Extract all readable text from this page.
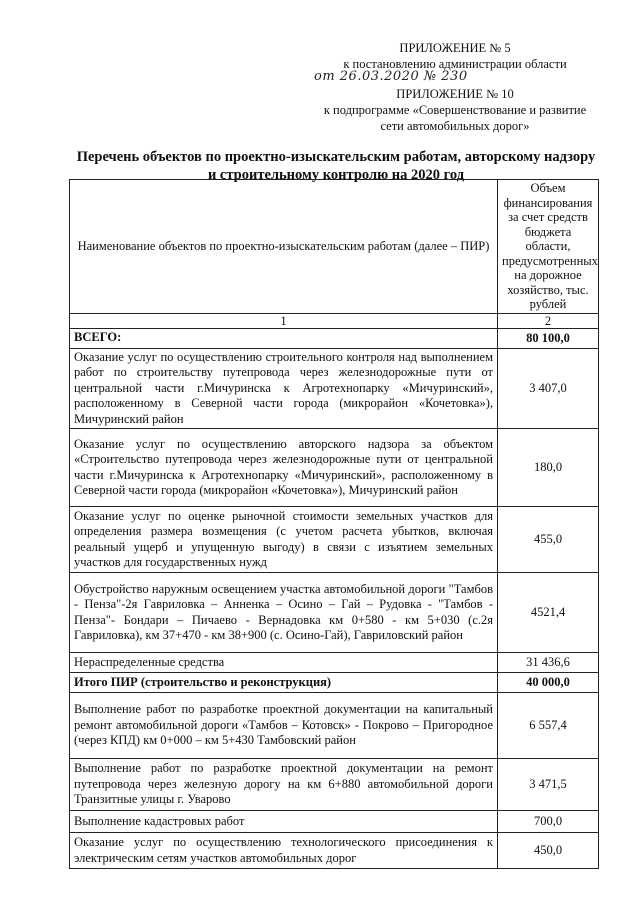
ПРИЛОЖЕНИЕ № 5
к постановлению администрации области
от 26.03.2020 № 230
ПРИЛОЖЕНИЕ № 10
к подпрограмме «Совершенствование и развитие
сети автомобильных дорог»
Перечень объектов по проектно-изыскательским работам, авторскому надзору и строительному контролю на 2020 год
Наименование объектов по проектно-изыскательским работам (далее – ПИР)	Объем финансирования за счет средств бюджета области, предусмотренных на дорожное хозяйство, тыс. рублей
1	2
ВСЕГО:	80 100,0
Оказание услуг по осуществлению строительного контроля над выполнением работ по строительству путепровода через железнодорожные пути от центральной части г.Мичуринска к Агротехнопарку «Мичуринский», расположенному в Северной части города (микрорайон «Кочетовка»), Мичуринский район	3 407,0
Оказание услуг по осуществлению авторского надзора за объектом «Строительство путепровода через железнодорожные пути от центральной части г.Мичуринска к Агротехнопарку «Мичуринский», расположенному в Северной части города (микрорайон «Кочетовка»), Мичуринский район	180,0
Оказание услуг по оценке рыночной стоимости земельных участков для определения размера возмещения (с учетом расчета убытков, включая реальный ущерб и упущенную выгоду) в связи с изъятием земельных участков для государственных нужд	455,0
Обустройство наружным освещением участка автомобильной дороги "Тамбов - Пенза"-2я Гавриловка – Анненка – Осино – Гай – Рудовка - "Тамбов - Пенза"- Бондари – Пичаево - Вернадовка км 0+580 - км 5+030 (с.2я Гавриловка), км 37+470 - км 38+900 (с. Осино-Гай), Гавриловский район	4521,4
Нераспределенные средства	31 436,6
Итого ПИР (строительство и реконструкция)	40 000,0
Выполнение работ по разработке проектной документации на капитальный ремонт автомобильной дороги «Тамбов – Котовск» - Покрово – Пригородное (через КПД) км 0+000 – км 5+430 Тамбовский район	6 557,4
Выполнение работ по разработке проектной документации на ремонт путепровода через железную дорогу на км 6+880 автомобильной дороги Транзитные улицы г. Уварово	3 471,5
Выполнение кадастровых работ	700,0
Оказание услуг по осуществлению технологического присоединения к электрическим сетям участков автомобильных дорог	450,0
